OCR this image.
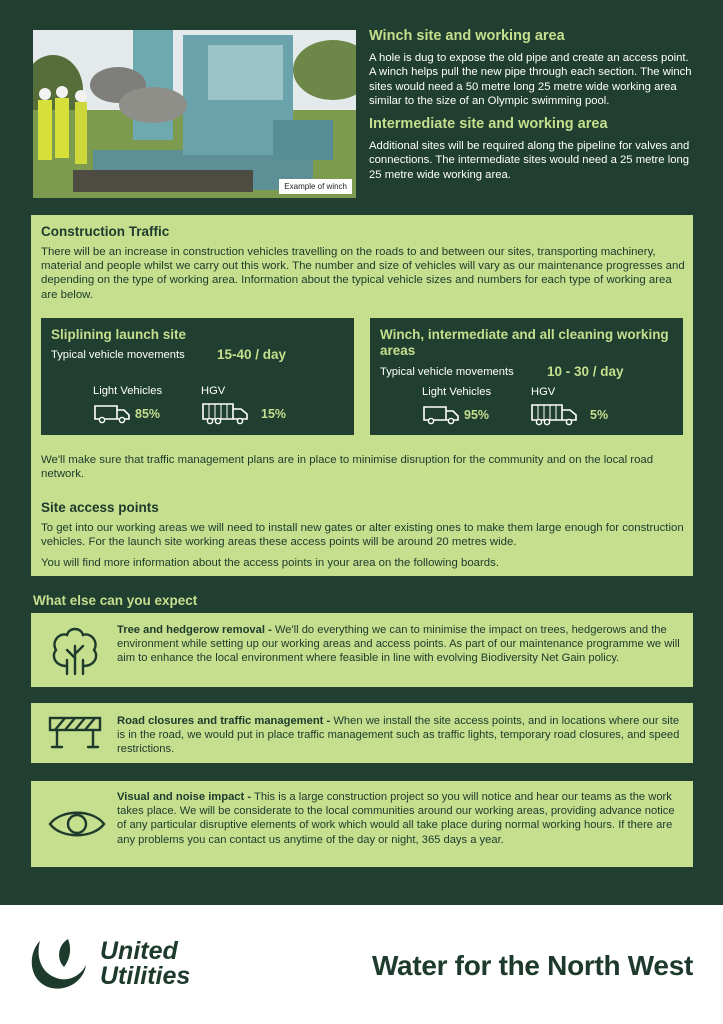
Example of winch
Winch site and working area

A hole is dug to expose the old pipe and create an access point. A winch helps pull the new pipe through each section. The winch sites would need a 50 metre long 25 metre wide working area similar to the size of an Olympic swimming pool.

Intermediate site and working area

Additional sites will be required along the pipeline for valves and connections. The intermediate sites would need a 25 metre long 25 metre wide working area.

Construction Traffic

There will be an increase in construction vehicles travelling on the roads to and between our sites, transporting machinery, material and people whilst we carry out this work. The number and size of vehicles will vary as our maintenance progresses and depending on the type of working area. Information about the typical vehicle sizes and numbers for each type of working area are below.

Sliplining launch site
Typical vehicle movements 15-40 / day
Light Vehicles	HGV
85%	15%
Winch, intermediate and all cleaning working areas
Typical vehicle movements 10 - 30 / day
Light Vehicles	HGV
95%	5%

We'll make sure that traffic management plans are in place to minimise disruption for the community and on the local road network.

Site access points

To get into our working areas we will need to install new gates or alter existing ones to make them large enough for construction vehicles. For the launch site working areas these access points will be around 20 metres wide.

You will find more information about the access points in your area on the following boards.

What else can you expect

Tree and hedgerow removal - We'll do everything we can to minimise the impact on trees, hedgerows and the environment while setting up our working areas and access points. As part of our maintenance programme we will aim to enhance the local environment where feasible in line with evolving Biodiversity Net Gain policy.

Road closures and traffic management - When we install the site access points, and in locations where our site is in the road, we would put in place traffic management such as traffic lights, temporary road closures, and speed restrictions.

Visual and noise impact - This is a large construction project so you will notice and hear our teams as the work takes place. We will be considerate to the local communities around our working areas, providing advance notice of any particular disruptive elements of work which would all take place during normal working hours. If there are any problems you can contact us anytime of the day or night, 365 days a year.

United
Utilities	Water for the North West
